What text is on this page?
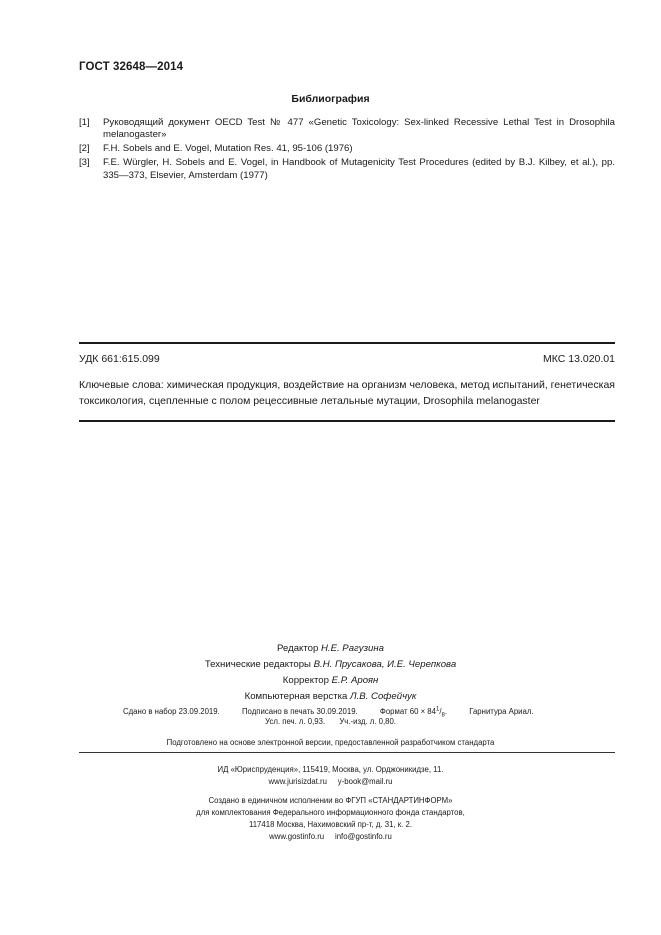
ГОСТ 32648—2014
Библиография
[1]	Руководящий документ OECD Test № 477 «Genetic Toxicology: Sex-linked Recessive Lethal Test in Drosophila melanogaster»
[2]	F.H. Sobels and E. Vogel, Mutation Res. 41, 95-106 (1976)
[3]	F.E. Würgler, H. Sobels and E. Vogel, in Handbook of Mutagenicity Test Procedures (edited by B.J. Kilbey, et al.), pp. 335—373, Elsevier, Amsterdam (1977)
УДК 661:615.099	МКС 13.020.01
Ключевые слова: химическая продукция, воздействие на организм человека, метод испытаний, генетическая токсикология, сцепленные с полом рецессивные летальные мутации, Drosophila melanogaster
Редактор Н.Е. Рагузина
Технические редакторы В.Н. Прусакова, И.Е. Черепкова
Корректор Е.Р. Ароян
Компьютерная верстка Л.В. Софейчук
Сдано в набор 23.09.2019.	Подписано в печать 30.09.2019.	Формат $60 \times 84^1/_8$.	Гарнитура Ариал.
Усл. печ. л. 0,93. Уч.-изд. л. 0,80.
Подготовлено на основе электронной версии, предоставленной разработчиком стандарта
ИД «Юриспруденция», 115419, Москва, ул. Орджоникидзе, 11.
www.jurisizdat.ru     y-book@mail.ru
Создано в единичном исполнении во ФГУП «СТАНДАРТИНФОРМ»
для комплектования Федерального информационного фонда стандартов,
117418 Москва, Нахимовский пр-т, д. 31, к. 2.
www.gostinfo.ru     info@gostinfo.ru
